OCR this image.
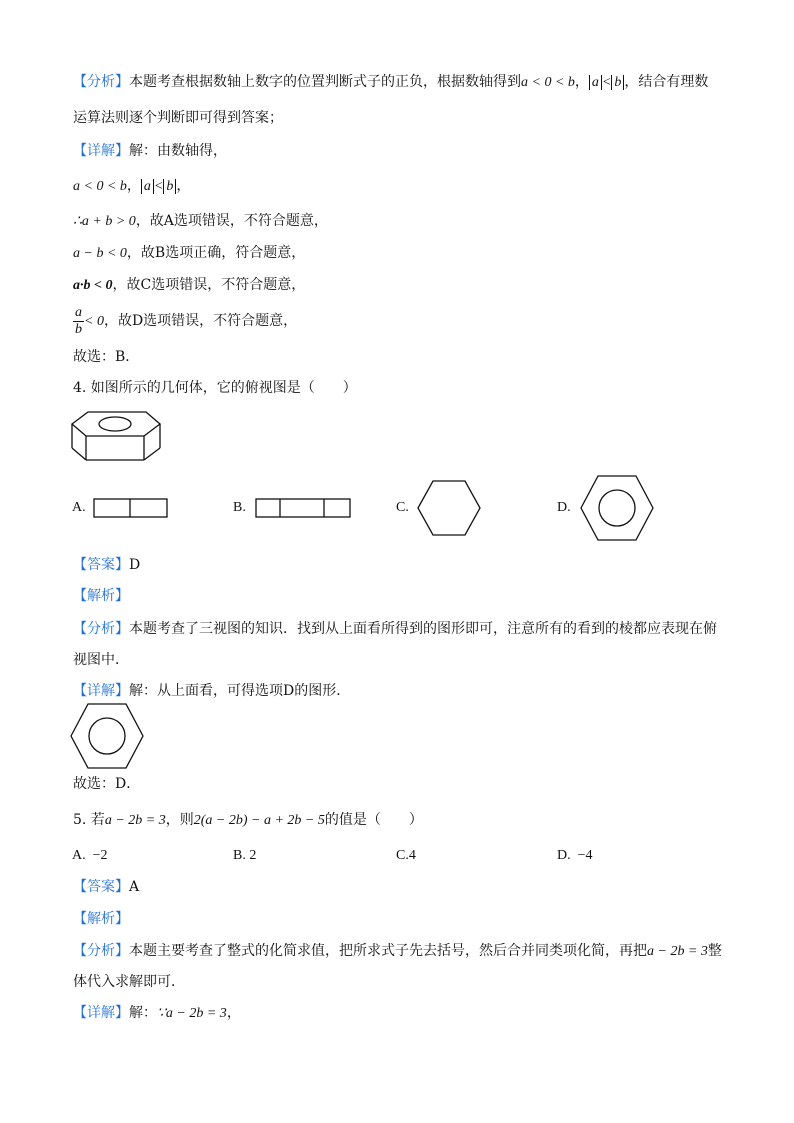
【分析】本题考查根据数轴上数字的位置判断式子的正负，根据数轴得到a < 0 < b， a < b ，结合有理数
运算法则逐个判断即可得到答案；
【详解】解：由数轴得，
a < 0 < b， a < b ，
∴a + b > 0，故A选项错误，不符合题意，
a − b < 0，故B选项正确，符合题意，
a·b < 0，故C选项错误，不符合题意，
$\frac{a}{b} < 0$，故D选项错误，不符合题意，
故选：B．
4. 如图所示的几何体，它的俯视图是（　　）
A.	B.	C.	D.
【答案】D
【解析】
【分析】本题考查了三视图的知识．找到从上面看所得到的图形即可，注意所有的看到的棱都应表现在俯
视图中．
【详解】解：从上面看，可得选项D的图形．
故选：D．
5. 若a − 2b = 3，则2(a − 2b) − a + 2b − 5的值是（　　）
A. −2	B. 2	C.4	D. −4
【答案】A
【解析】
【分析】本题主要考查了整式的化简求值，把所求式子先去括号，然后合并同类项化简，再把a − 2b = 3整
体代入求解即可．
【详解】解：∵a − 2b = 3，
